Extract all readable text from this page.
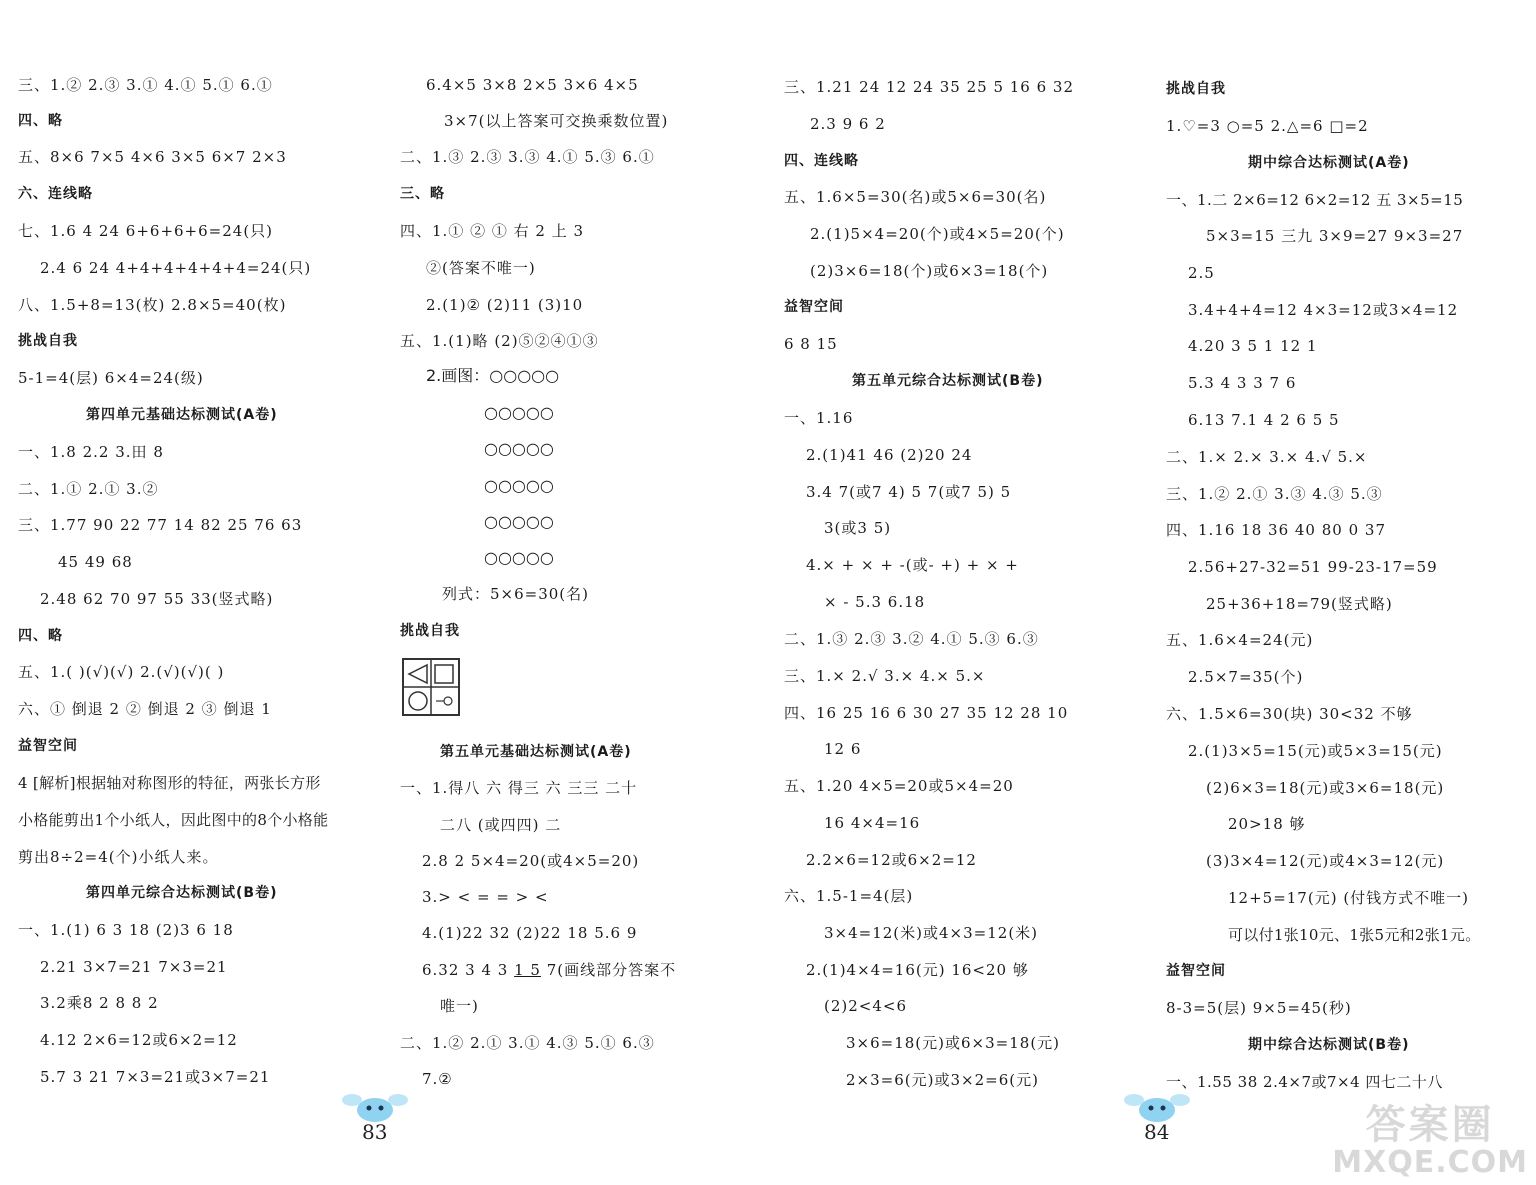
三、1.② 2.③ 3.① 4.① 5.① 6.①
四、略
五、8×6 7×5 4×6 3×5 6×7 2×3
六、连线略
七、1.6 4 24 6+6+6+6=24(只)
2.4 6 24 4+4+4+4+4+4=24(只)
八、1.5+8=13(枚) 2.8×5=40(枚)
挑战自我
5-1=4(层) 6×4=24(级)
第四单元基础达标测试(A卷)
一、1.8 2.2 3.田 8
二、1.① 2.① 3.②
三、1.77 90 22 77 14 82 25 76 63
45 49 68
2.48 62 70 97 55 33(竖式略)
四、略
五、1.( )(√)(√) 2.(√)(√)( )
六、① 倒退 2 ② 倒退 2 ③ 倒退 1
益智空间
4 [解析]根据轴对称图形的特征，两张长方形
小格能剪出1个小纸人，因此图中的8个小格能
剪出8÷2=4(个)小纸人来。
第四单元综合达标测试(B卷)
一、1.(1) 6 3 18 (2)3 6 18
2.21 3×7=21 7×3=21
3.2乘8 2 8 8 2
4.12 2×6=12或6×2=12
5.7 3 21 7×3=21或3×7=21
6.4×5 3×8 2×5 3×6 4×5
3×7(以上答案可交换乘数位置)
二、1.③ 2.③ 3.③ 4.① 5.③ 6.①
三、略
四、1.① ② ① 右 2 上 3
②(答案不唯一)
2.(1)② (2)11 (3)10
五、1.(1)略 (2)⑤②④①③
2.画图：○○○○○
○○○○○
○○○○○
○○○○○
○○○○○
○○○○○
列式：5×6=30(名)
挑战自我
第五单元基础达标测试(A卷)
一、1.得八 六 得三 六 三三 二十
二八 (或四四) 二
2.8 2 5×4=20(或4×5=20)
3.> < = = > <
4.(1)22 32 (2)22 18 5.6 9
6.32 3 4 3 1 5 7(画线部分答案不
唯一)
二、1.② 2.① 3.① 4.③ 5.① 6.③
7.②
三、1.21 24 12 24 35 25 5 16 6 32
2.3 9 6 2
四、连线略
五、1.6×5=30(名)或5×6=30(名)
2.(1)5×4=20(个)或4×5=20(个)
(2)3×6=18(个)或6×3=18(个)
益智空间
6 8 15
第五单元综合达标测试(B卷)
一、1.16
2.(1)41 46 (2)20 24
3.4 7(或7 4) 5 7(或7 5) 5
3(或3 5)
4.× + × + -(或- +) + × +
× - 5.3 6.18
二、1.③ 2.③ 3.② 4.① 5.③ 6.③
三、1.× 2.√ 3.× 4.× 5.×
四、16 25 16 6 30 27 35 12 28 10
12 6
五、1.20 4×5=20或5×4=20
16 4×4=16
2.2×6=12或6×2=12
六、1.5-1=4(层)
3×4=12(米)或4×3=12(米)
2.(1)4×4=16(元) 16<20 够
(2)2<4<6
3×6=18(元)或6×3=18(元)
2×3=6(元)或3×2=6(元)
挑战自我
1.♡=3 ○=5 2.△=6 □=2
期中综合达标测试(A卷)
一、1.二 2×6=12 6×2=12 五 3×5=15
5×3=15 三九 3×9=27 9×3=27
2.5
3.4+4+4=12 4×3=12或3×4=12
4.20 3 5 1 12 1
5.3 4 3 3 7 6
6.13 7.1 4 2 6 5 5
二、1.× 2.× 3.× 4.√ 5.×
三、1.② 2.① 3.③ 4.③ 5.③
四、1.16 18 36 40 80 0 37
2.56+27-32=51 99-23-17=59
25+36+18=79(竖式略)
五、1.6×4=24(元)
2.5×7=35(个)
六、1.5×6=30(块) 30<32 不够
2.(1)3×5=15(元)或5×3=15(元)
(2)6×3=18(元)或3×6=18(元)
20>18 够
(3)3×4=12(元)或4×3=12(元)
12+5=17(元) (付钱方式不唯一)
可以付1张10元、1张5元和2张1元。
益智空间
8-3=5(层) 9×5=45(秒)
期中综合达标测试(B卷)
一、1.55 38 2.4×7或7×4 四七二十八
83	84	答案圈
MXQE.COM
